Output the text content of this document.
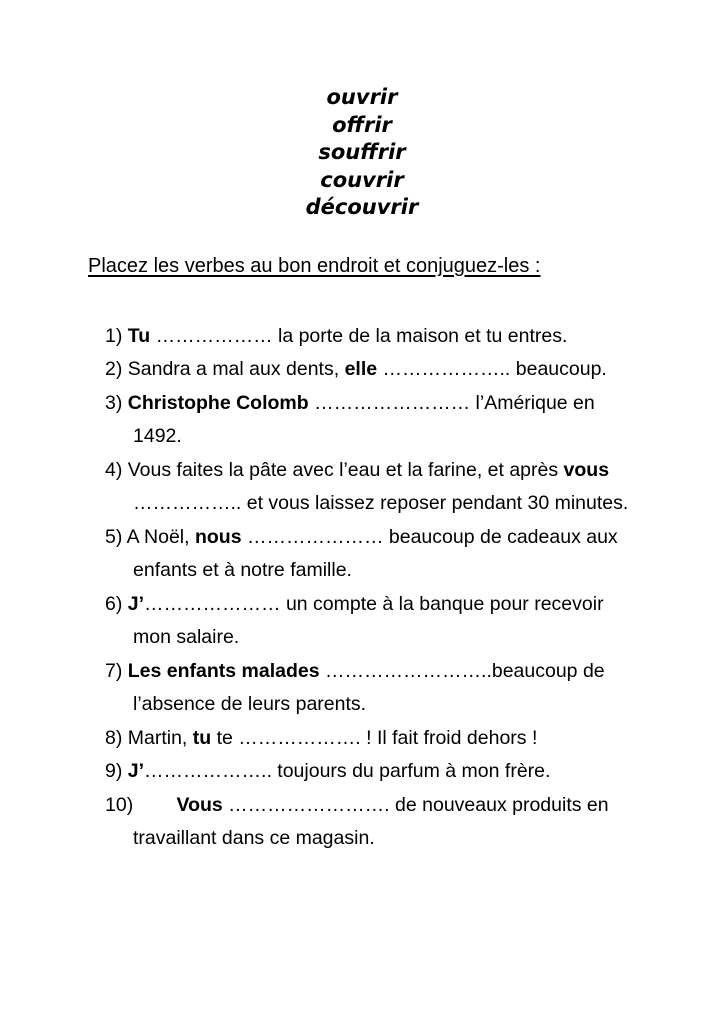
ouvrir
offrir
souffrir
couvrir
découvrir
Placez les verbes au bon endroit et conjuguez-les :
1) Tu ……………… la porte de la maison et tu entres.
2) Sandra a mal aux dents, elle ……………….. beaucoup.
3) Christophe Colomb …………………… l’Amérique en
1492.
4) Vous faites la pâte avec l’eau et la farine, et après vous
…………….. et vous laissez reposer pendant 30 minutes.
5) A Noël, nous ………………… beaucoup de cadeaux aux
enfants et à notre famille.
6) J’………………… un compte à la banque pour recevoir
mon salaire.
7) Les enfants malades ……………………..beaucoup de
l’absence de leurs parents.
8) Martin, tu te ………………. ! Il fait froid dehors !
9) J’……………….. toujours du parfum à mon frère.
10)        Vous ……………………. de nouveaux produits en
travaillant dans ce magasin.
